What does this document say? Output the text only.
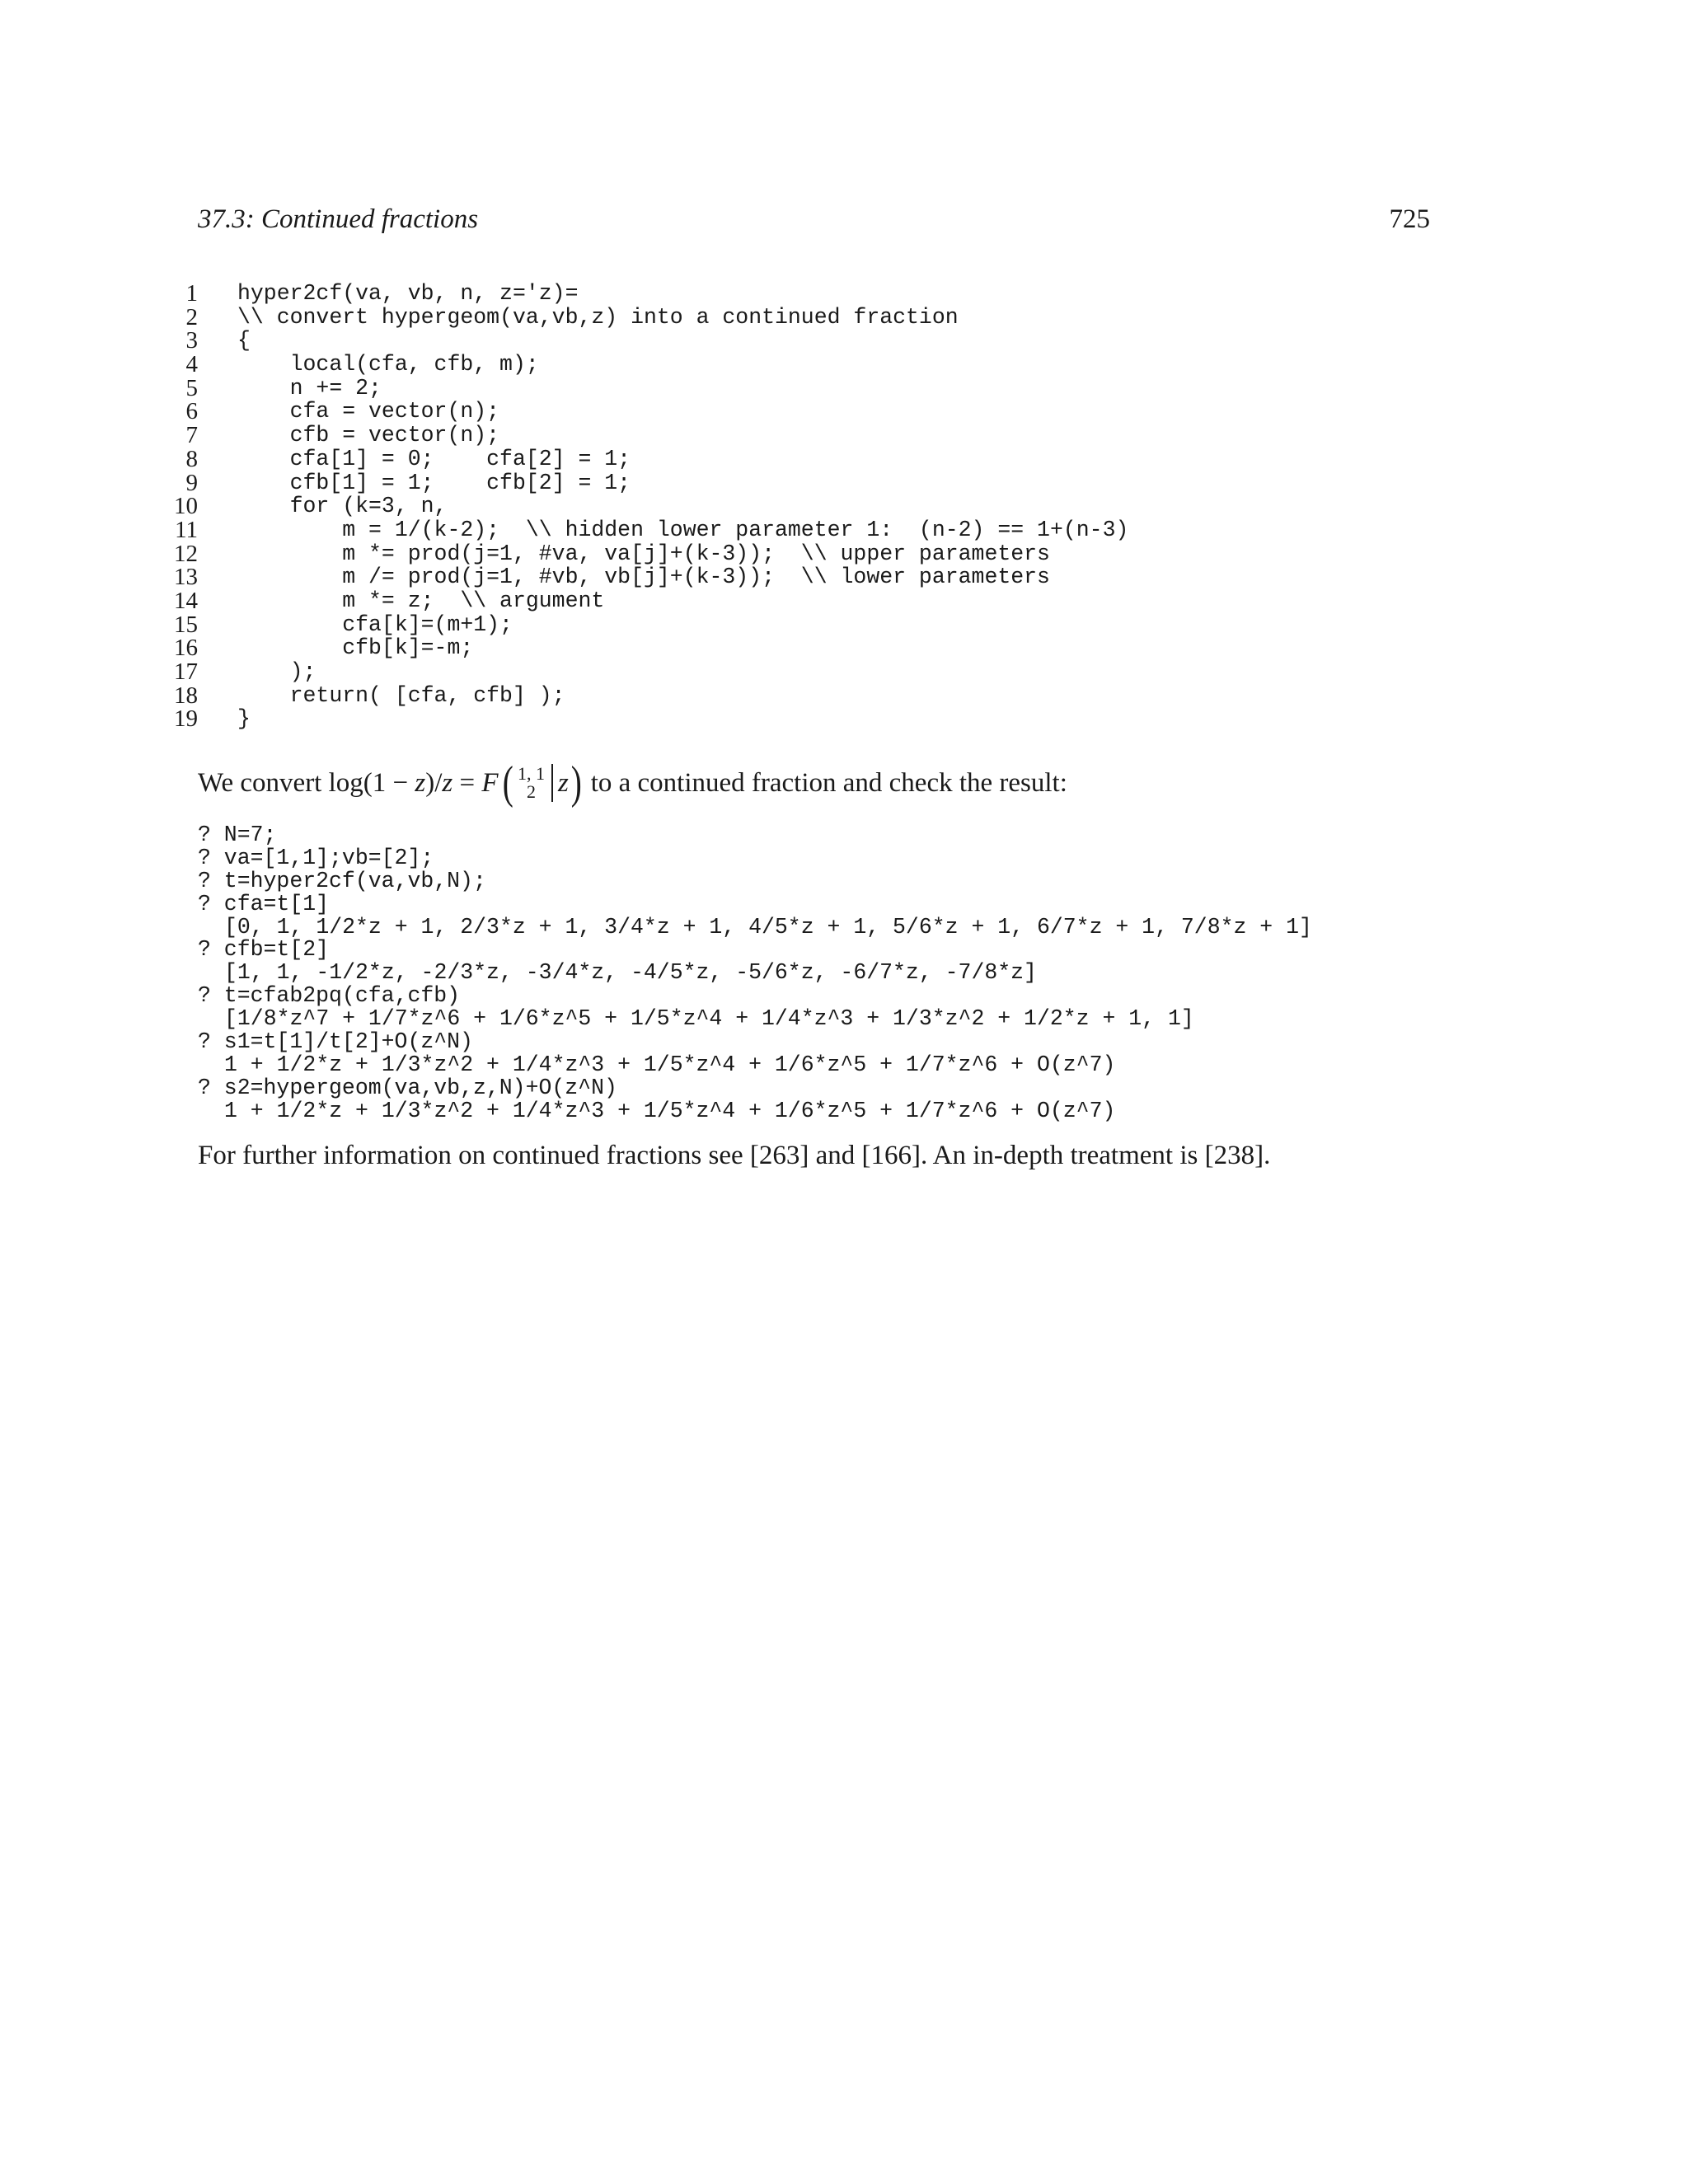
37.3: Continued fractions	725
1 hyper2cf(va, vb, n, z='z)=
2 \\ convert hypergeom(va,vb,z) into a continued fraction
3 {
4 local(cfa, cfb, m);
5 n += 2;
6 cfa = vector(n);
7 cfb = vector(n);
8 cfa[1] = 0;    cfa[2] = 1;
9 cfb[1] = 1;    cfb[2] = 1;
10 for (k=3, n,
11 m = 1/(k-2);  \\ hidden lower parameter 1:  (n-2) == 1+(n-3)
12 m *= prod(j=1, #va, va[j]+(k-3));  \\ upper parameters
13 m /= prod(j=1, #vb, vb[j]+(k-3));  \\ lower parameters
14 m *= z;  \\ argument
15 cfa[k]=(m+1);
16 cfb[k]=-m;
17 );
18 return( [cfa, cfb] );
19 }
We convert log(1 − z )/ z = F
  ( 1, 1
2 z ) to a continued fraction and check the result:
? N=7;
? va=[1,1];vb=[2];
? t=hyper2cf(va,vb,N);
? cfa=t[1]
[0, 1, 1/2*z + 1, 2/3*z + 1, 3/4*z + 1, 4/5*z + 1, 5/6*z + 1, 6/7*z + 1, 7/8*z + 1]
? cfb=t[2]
[1, 1, -1/2*z, -2/3*z, -3/4*z, -4/5*z, -5/6*z, -6/7*z, -7/8*z]
? t=cfab2pq(cfa,cfb)
[1/8*z^7 + 1/7*z^6 + 1/6*z^5 + 1/5*z^4 + 1/4*z^3 + 1/3*z^2 + 1/2*z + 1, 1]
? s1=t[1]/t[2]+O(z^N)
1 + 1/2*z + 1/3*z^2 + 1/4*z^3 + 1/5*z^4 + 1/6*z^5 + 1/7*z^6 + O(z^7)
? s2=hypergeom(va,vb,z,N)+O(z^N)
1 + 1/2*z + 1/3*z^2 + 1/4*z^3 + 1/5*z^4 + 1/6*z^5 + 1/7*z^6 + O(z^7)
For further information on continued fractions see [263] and [166]. An in-depth treatment is [238].
